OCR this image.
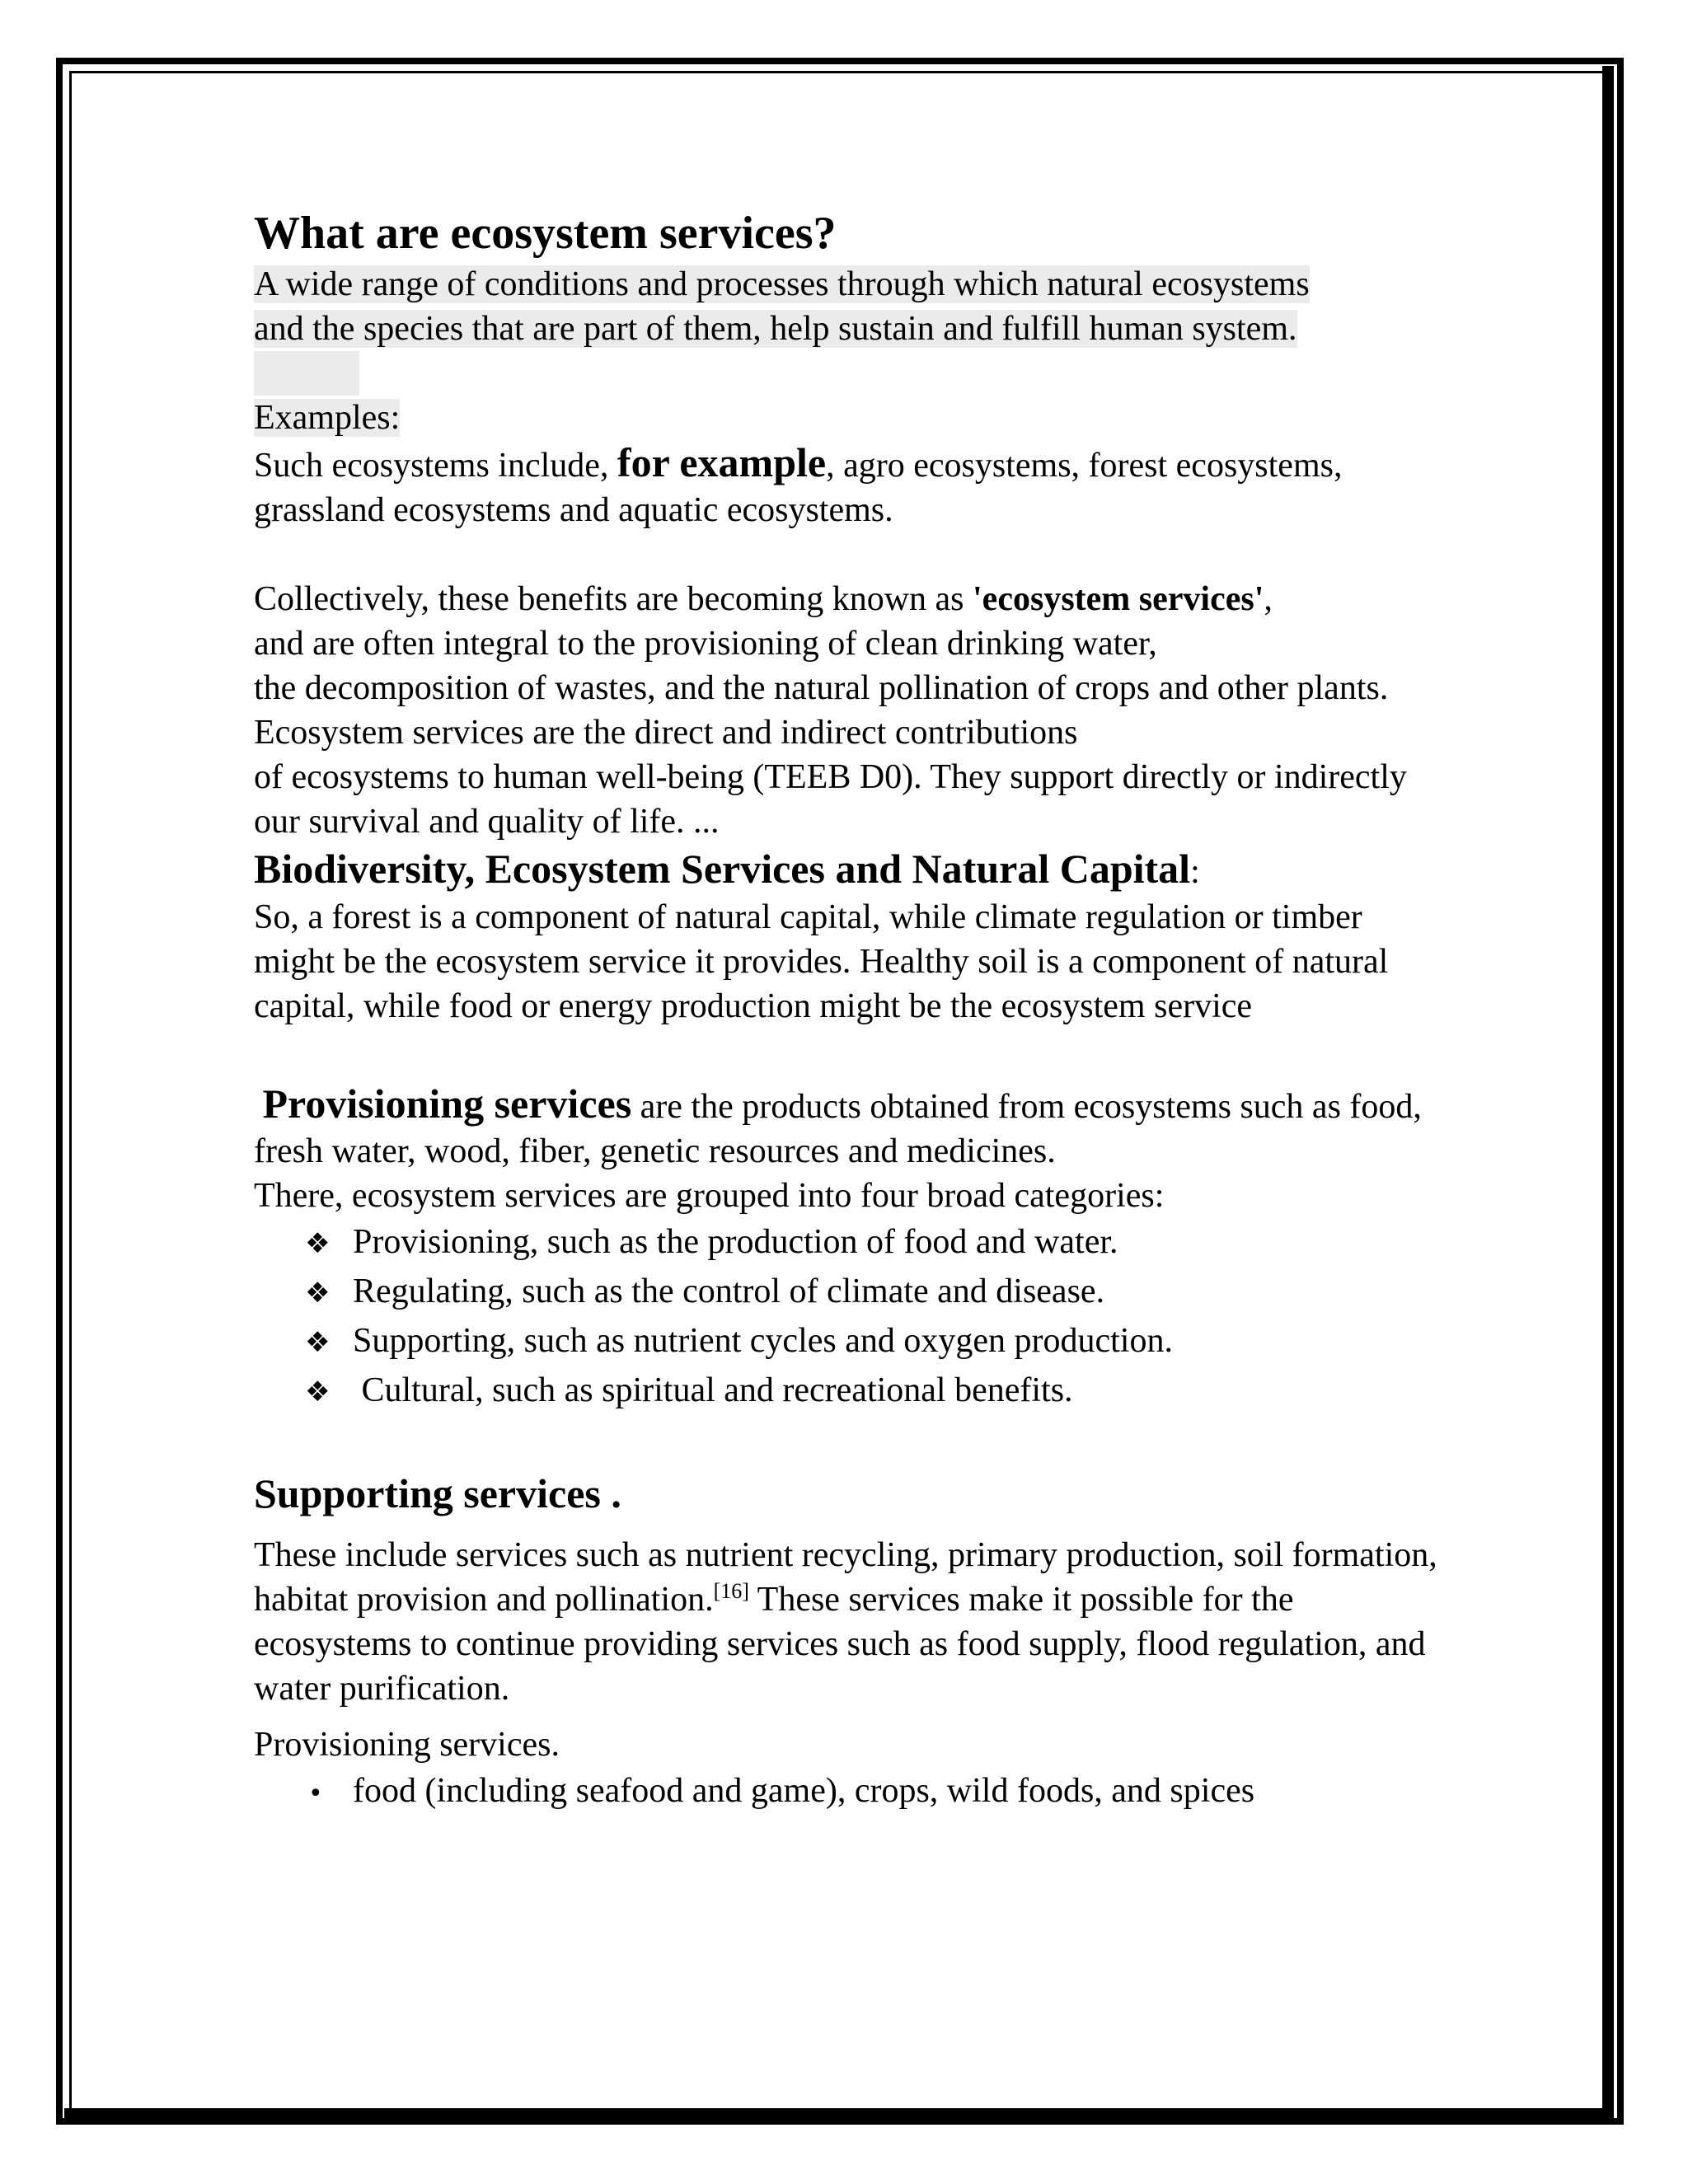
What are ecosystem services?

A wide range of conditions and processes through which natural ecosystems
and the species that are part of them, help sustain and fulfill human system.

Examples:

Such ecosystems include, for example, agro ecosystems, forest ecosystems, grassland ecosystems and aquatic ecosystems.

Collectively, these benefits are becoming known as 'ecosystem services',
and are often integral to the provisioning of clean drinking water,
the decomposition of wastes, and the natural pollination of crops and other plants.

Ecosystem services are the direct and indirect contributions
of ecosystems to human well-being (TEEB D0). They support directly or indirectly our survival and quality of life. ...

Biodiversity, Ecosystem Services and Natural Capital:

So, a forest is a component of natural capital, while climate regulation or timber might be the ecosystem service it provides. Healthy soil is a component of natural capital, while food or energy production might be the ecosystem service

Provisioning services are the products obtained from ecosystems such as food, fresh water, wood, fiber, genetic resources and medicines.

There, ecosystem services are grouped into four broad categories:

❖ Provisioning, such as the production of food and water.
❖ Regulating, such as the control of climate and disease.
❖ Supporting, such as nutrient cycles and oxygen production.
❖ Cultural, such as spiritual and recreational benefits.

Supporting services .

These include services such as nutrient recycling, primary production, soil formation, habitat provision and pollination.[16] These services make it possible for the ecosystems to continue providing services such as food supply, flood regulation, and water purification.

Provisioning services.

• food (including seafood and game), crops, wild foods, and spices
